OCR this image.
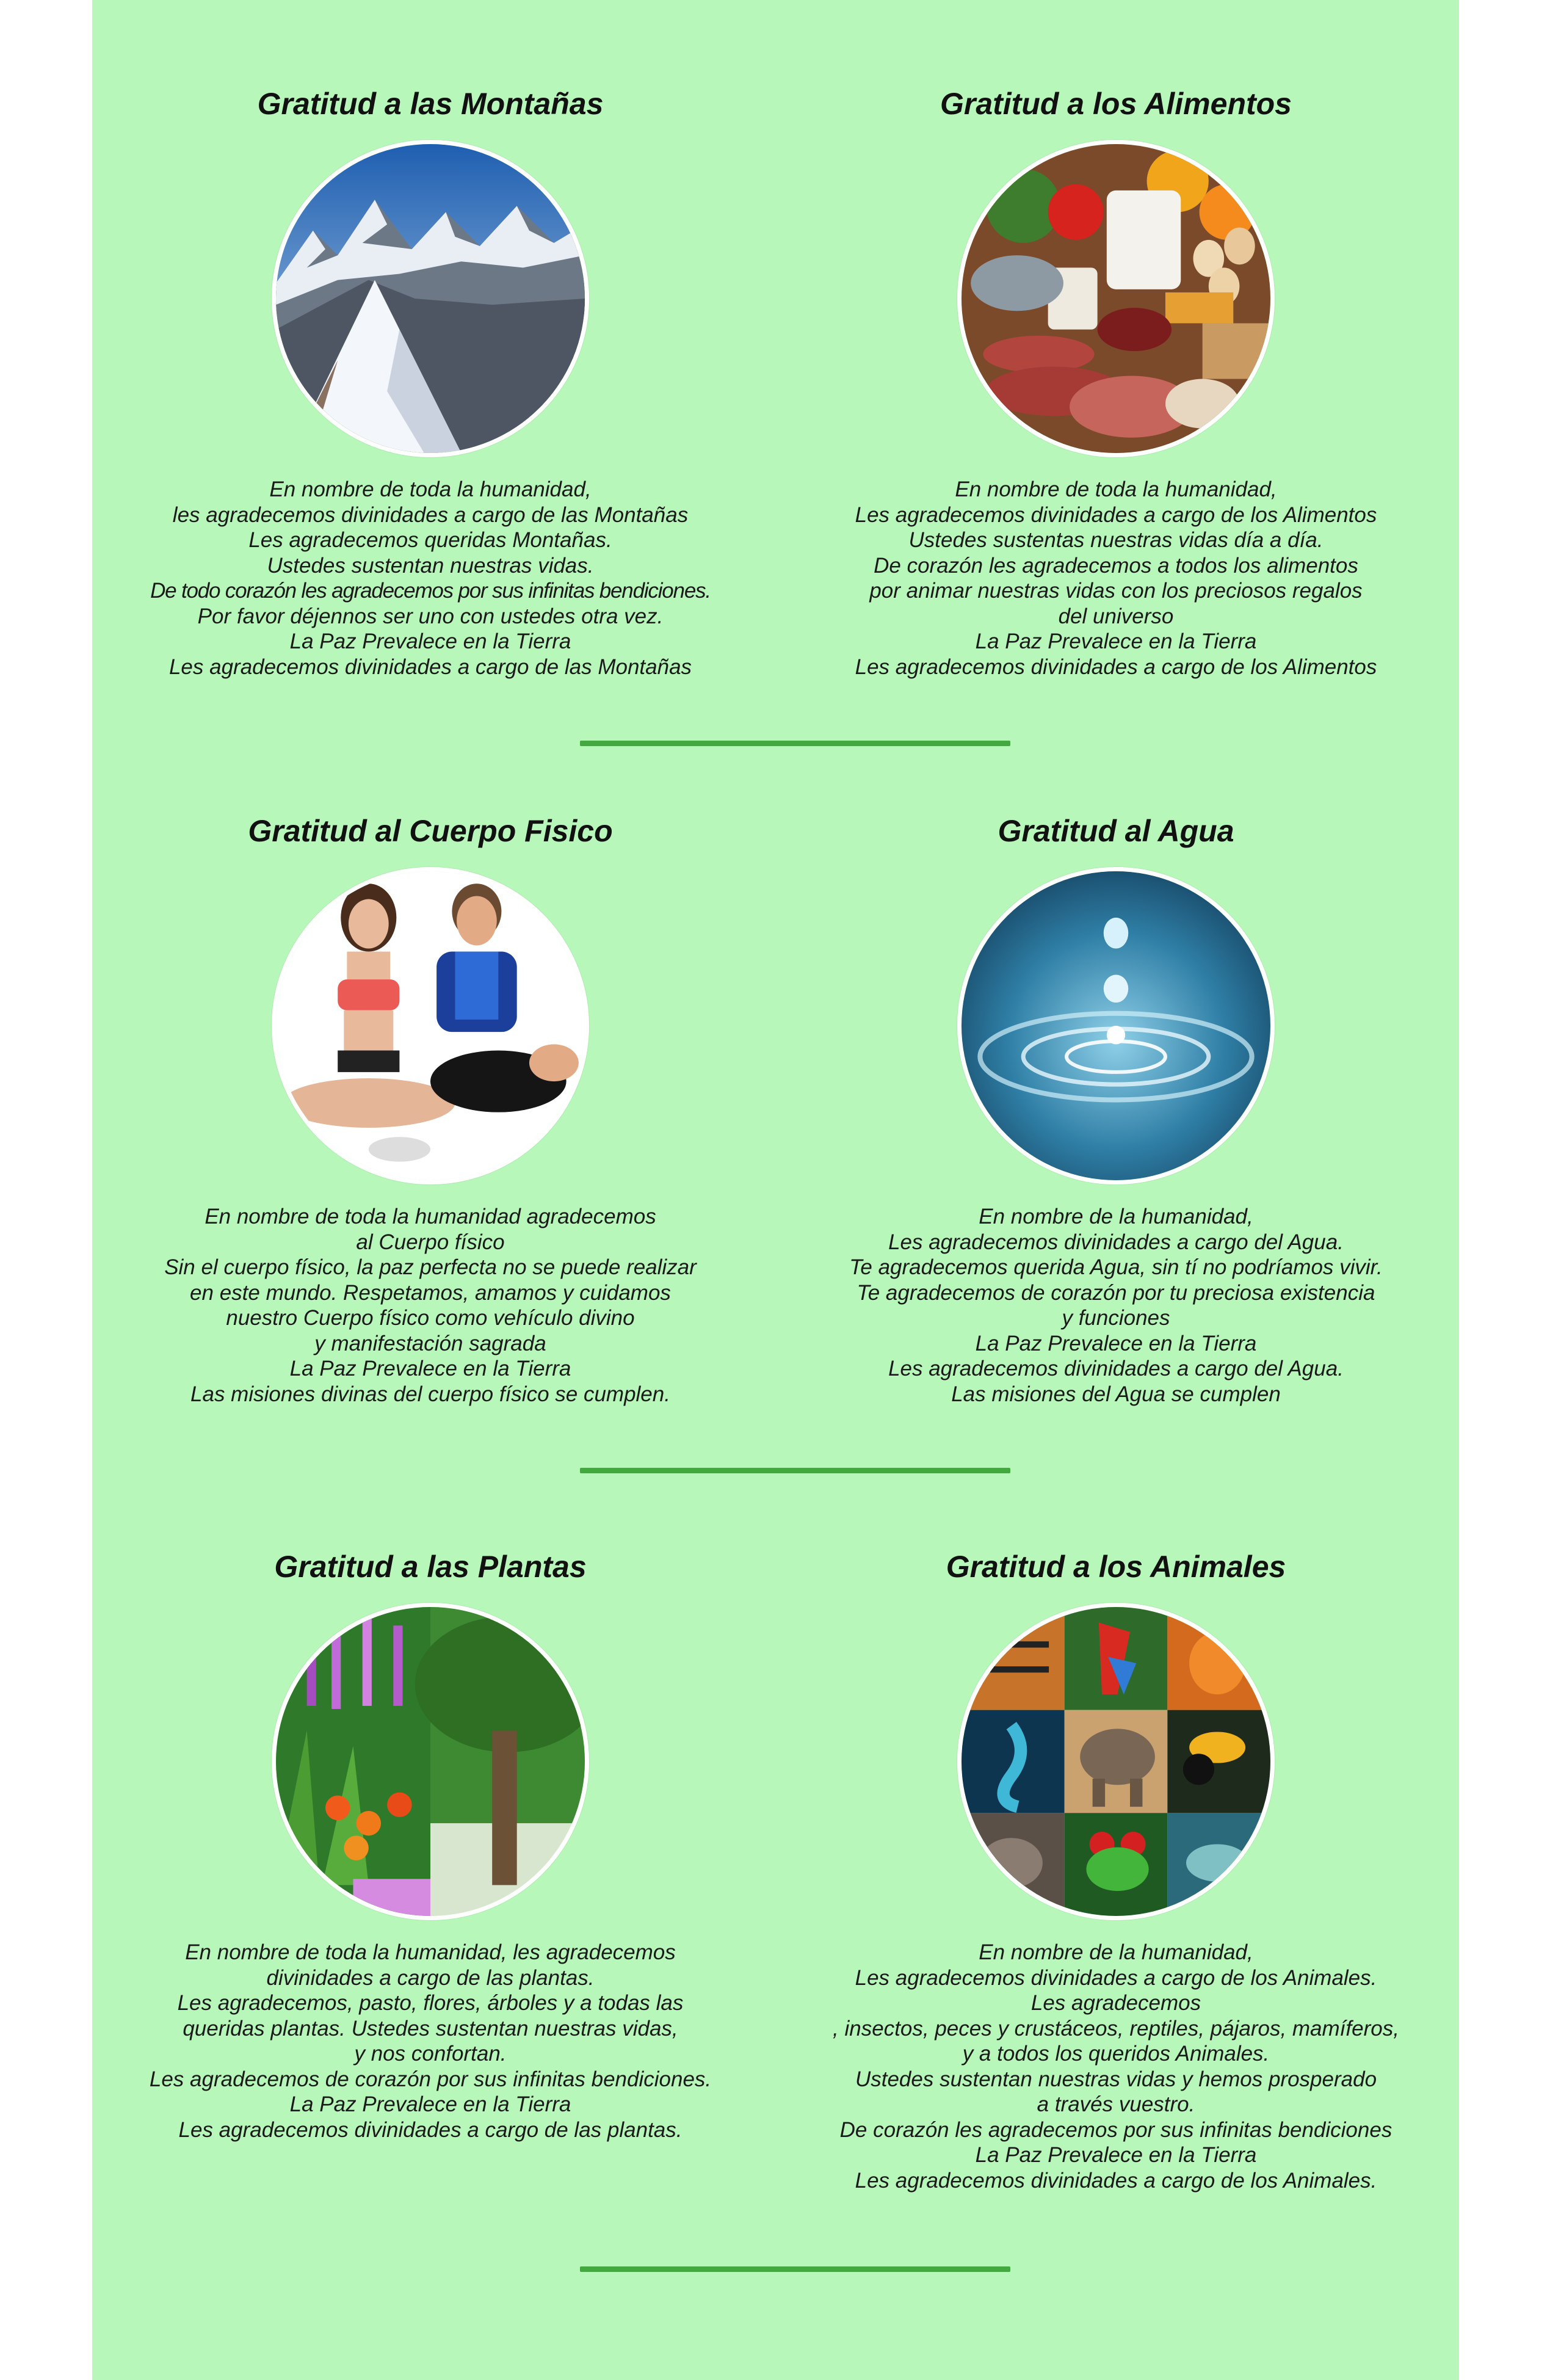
Gratitud a las Montañas
En nombre de toda la humanidad,
les agradecemos divinidades a cargo de las Montañas
Les agradecemos queridas Montañas.
Ustedes sustentan nuestras vidas.
De todo corazón les agradecemos por sus infinitas bendiciones.
Por favor déjennos ser uno con ustedes otra vez.
La Paz Prevalece en la Tierra
Les agradecemos divinidades a cargo de las Montañas
Gratitud a los Alimentos
En nombre de toda la humanidad,
Les agradecemos divinidades a cargo de los Alimentos
Ustedes sustentas nuestras vidas día a día.
De corazón les agradecemos a todos los alimentos
por animar nuestras vidas con los preciosos regalos
del universo
La Paz Prevalece en la Tierra
Les agradecemos divinidades a cargo de los Alimentos
Gratitud al Cuerpo Fisico
En nombre de toda la humanidad agradecemos
al Cuerpo físico
Sin el cuerpo físico, la paz perfecta no se puede realizar
en este mundo. Respetamos, amamos y cuidamos
nuestro Cuerpo físico como vehículo divino
y manifestación sagrada
La Paz Prevalece en la Tierra
Las misiones divinas del cuerpo físico se cumplen.
Gratitud al Agua
En nombre de la humanidad,
Les agradecemos divinidades a cargo del Agua.
Te agradecemos querida Agua, sin tí no podríamos vivir.
Te agradecemos de corazón por tu preciosa existencia
y funciones
La Paz Prevalece en la Tierra
Les agradecemos divinidades a cargo del Agua.
Las misiones del Agua se cumplen
Gratitud a las Plantas
En nombre de toda la humanidad, les agradecemos
divinidades a cargo de las plantas.
Les agradecemos, pasto, flores, árboles y a todas las
queridas plantas. Ustedes sustentan nuestras vidas,
y nos confortan.
Les agradecemos de corazón por sus infinitas bendiciones.
La Paz Prevalece en la Tierra
Les agradecemos divinidades a cargo de las plantas.
Gratitud a los Animales
En nombre de la humanidad,
Les agradecemos divinidades a cargo de los Animales.
Les agradecemos
, insectos, peces y crustáceos, reptiles, pájaros, mamíferos,
y a todos los queridos Animales.
Ustedes sustentan nuestras vidas y hemos prosperado
a través vuestro.
De corazón les agradecemos por sus infinitas bendiciones
La Paz Prevalece en la Tierra
Les agradecemos divinidades a cargo de los Animales.
